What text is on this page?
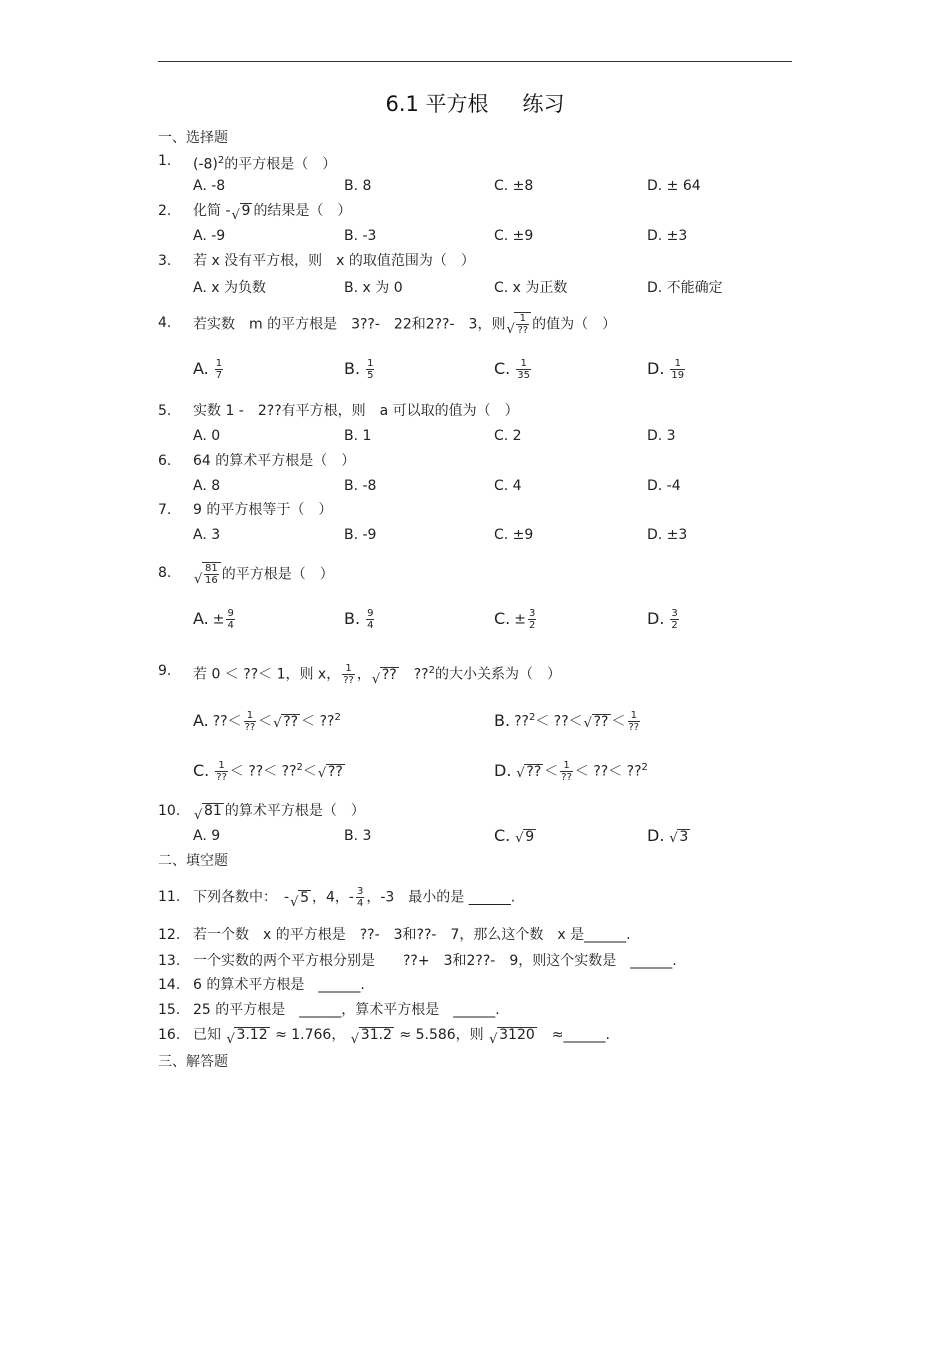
6.1 平方根 练习
一、选择题
1. $(-8)^2$的平方根是（　）
A. -8	B. 8	C. ±8	D. ± 64
2. 化简 - √ 9 的结果是（　）
A. -9	B. -3	C. ±9	D. ±3
3. 若 x 没有平方根，则　x 的取值范围为（　）
A. x 为负数	B. x 为 0	C. x 为正数	D. 不能确定
4. 若实数　m 的平方根是　3??-　22和2??-　3，则 √
1
?? 的值为（　）
A. $\frac{1}{7}$	B. $\frac{1}{5}$	C. $\frac{1}{35}$	D. $\frac{1}{19}$
5. 实数 1 -　2??有平方根，则　a 可以取的值为（　）
A. 0	B. 1	C. 2	D. 3
6. 64 的算术平方根是（　）
A. 8	B. -8	C. 4	D. -4
7. 9 的平方根等于（　）
A. 3	B. -9	C. ±9	D. ±3
8. √ $\frac{81}{16}$ 的平方根是（　）
A. ± $\frac{9}{4}$	B. $\frac{9}{4}$	C. ± $\frac{3}{2}$	D. $\frac{3}{2}$
9. 若 0 ＜ ??＜ 1，则 x， 1
?? ， √ ??　 ??$^2$的大小关系为（　）
A. ??＜ 1
?? ＜ √ ?? ＜ ??$^2$	B. ??$^2$＜ ??＜ √ ?? ＜ 1
??
C. 1
?? ＜ ??＜ ??$^2$＜ √ ??	D. √ ?? ＜ 1
?? ＜ ??＜ ??$^2$
10. √ 81 的算术平方根是（　）
A. 9	B. 3	C. √ 9	D. √ 3
二、填空题
11. 下列各数中：　- √ 5 ，4，- $\frac{3}{4}$ ，-3　最小的是 ______.
12. 若一个数　x 的平方根是　??-　3和??-　7，那么这个数　x 是______.
13. 一个实数的两个平方根分别是　　??+　3和2??-　9，则这个实数是　______.
14. 6 的算术平方根是　______.
15. 25 的平方根是　______，算术平方根是　______.
16. 已知 √ 3.12 ≈ 1.766， √ 31.2 ≈ 5.586，则 √ 3120　 ≈______.
三、解答题
